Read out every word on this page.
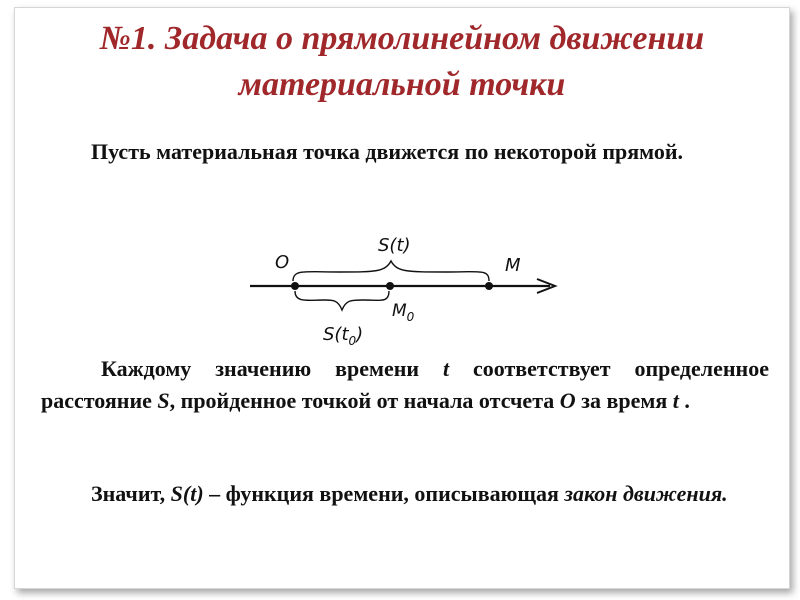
№1. Задача о прямолинейном движении
материальной точки

Пусть материальная точка движется по некоторой прямой.

O	M
S(t)
$M_0$
$S(t_0)$

Каждому значению времени t соответствует определенное расстояние S, пройденное точкой от начала отсчета O за время t .

Значит, S(t) – функция времени, описывающая закон движения.
